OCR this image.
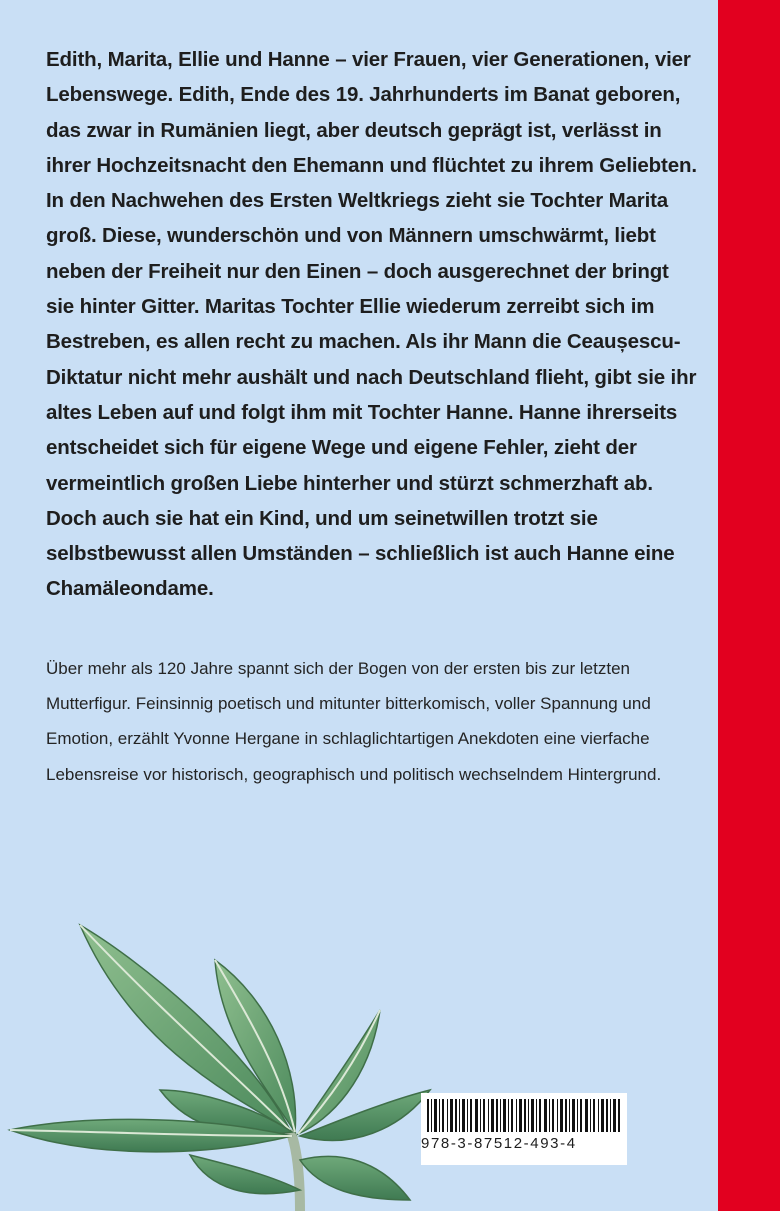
Edith, Marita, Ellie und Hanne – vier Frauen, vier Generationen, vier Lebenswege. Edith, Ende des 19. Jahrhunderts im Banat geboren, das zwar in Rumänien liegt, aber deutsch geprägt ist, verlässt in ihrer Hochzeitsnacht den Ehemann und flüchtet zu ihrem Geliebten. In den Nachwehen des Ersten Weltkriegs zieht sie Tochter Marita groß. Diese, wunderschön und von Männern umschwärmt, liebt neben der Freiheit nur den Einen – doch ausgerechnet der bringt sie hinter Gitter. Maritas Tochter Ellie wiederum zerreibt sich im Bestreben, es allen recht zu machen. Als ihr Mann die Ceaușescu-Diktatur nicht mehr aushält und nach Deutschland flieht, gibt sie ihr altes Leben auf und folgt ihm mit Tochter Hanne. Hanne ihrerseits entscheidet sich für eigene Wege und eigene Fehler, zieht der vermeintlich großen Liebe hinterher und stürzt schmerzhaft ab. Doch auch sie hat ein Kind, und um seinetwillen trotzt sie selbstbewusst allen Umständen – schließlich ist auch Hanne eine Chamäleondame.

Über mehr als 120 Jahre spannt sich der Bogen von der ersten bis zur letzten Mutterfigur. Feinsinnig poetisch und mitunter bitterkomisch, voller Spannung und Emotion, erzählt Yvonne Hergane in schlaglichtartigen Anekdoten eine vierfache Lebensreise vor historisch, geographisch und politisch wechselndem Hintergrund.

978-3-87512-493-4
